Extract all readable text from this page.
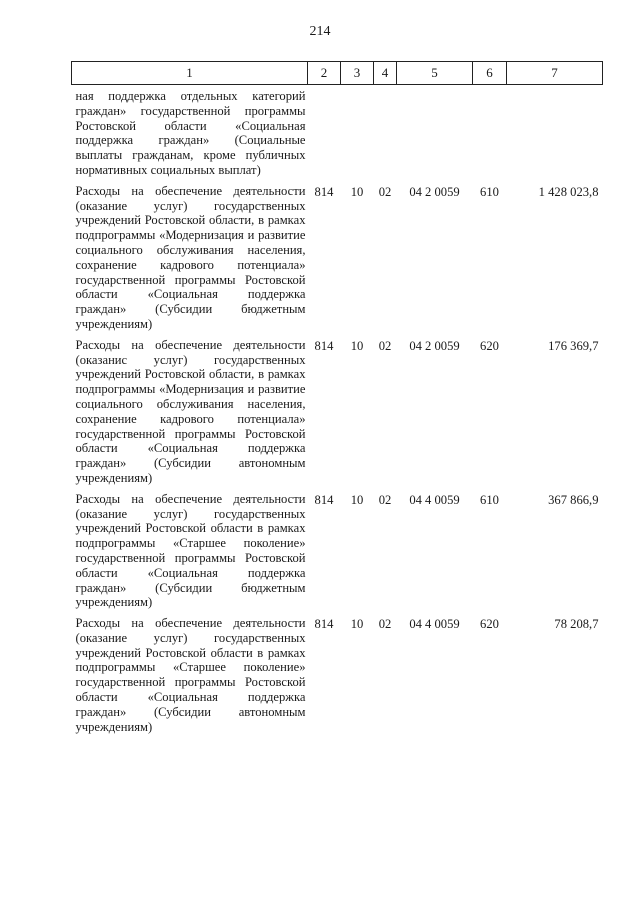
214
1	2	3	4	5	6	7
ная поддержка отдельных категорий граждан» государственной программы Ростовской области «Социальная поддержка граждан» (Социальные выплаты гражданам, кроме публичных нормативных социальных выплат)						
Расходы на обеспечение деятельности (оказание услуг) государственных учреждений Ростовской области, в рамках подпрограммы «Модернизация и развитие социального обслуживания населения, сохранение кадрового потенциала» государственной программы Ростовской области «Социальная поддержка граждан» (Субсидии бюджетным учреждениям)	814	10	02	04 2 0059	610	1 428 023,8
Расходы на обеспечение деятельности (оказанис услуг) государственных учреждений Ростовской области, в рамках подпрограммы «Модернизация и развитие социального обслуживания населения, сохранение кадрового потенциала» государственной программы Ростовской области «Социальная поддержка граждан» (Субсидии автономным учреждениям)	814	10	02	04 2 0059	620	176 369,7
Расходы на обеспечение деятельности (оказание услуг) государственных учреждений Ростовской области в рамках подпрограммы «Старшее поколение» государственной программы Ростовской области «Социальная поддержка граждан» (Субсидии бюджетным учреждениям)	814	10	02	04 4 0059	610	367 866,9
Расходы на обеспечение деятельности (оказание услуг) государственных учреждений Ростовской области в рамках подпрограммы «Старшее поколение» государственной программы Ростовской области «Социальная поддержка граждан» (Субсидии автономным учреждениям)	814	10	02	04 4 0059	620	78 208,7
